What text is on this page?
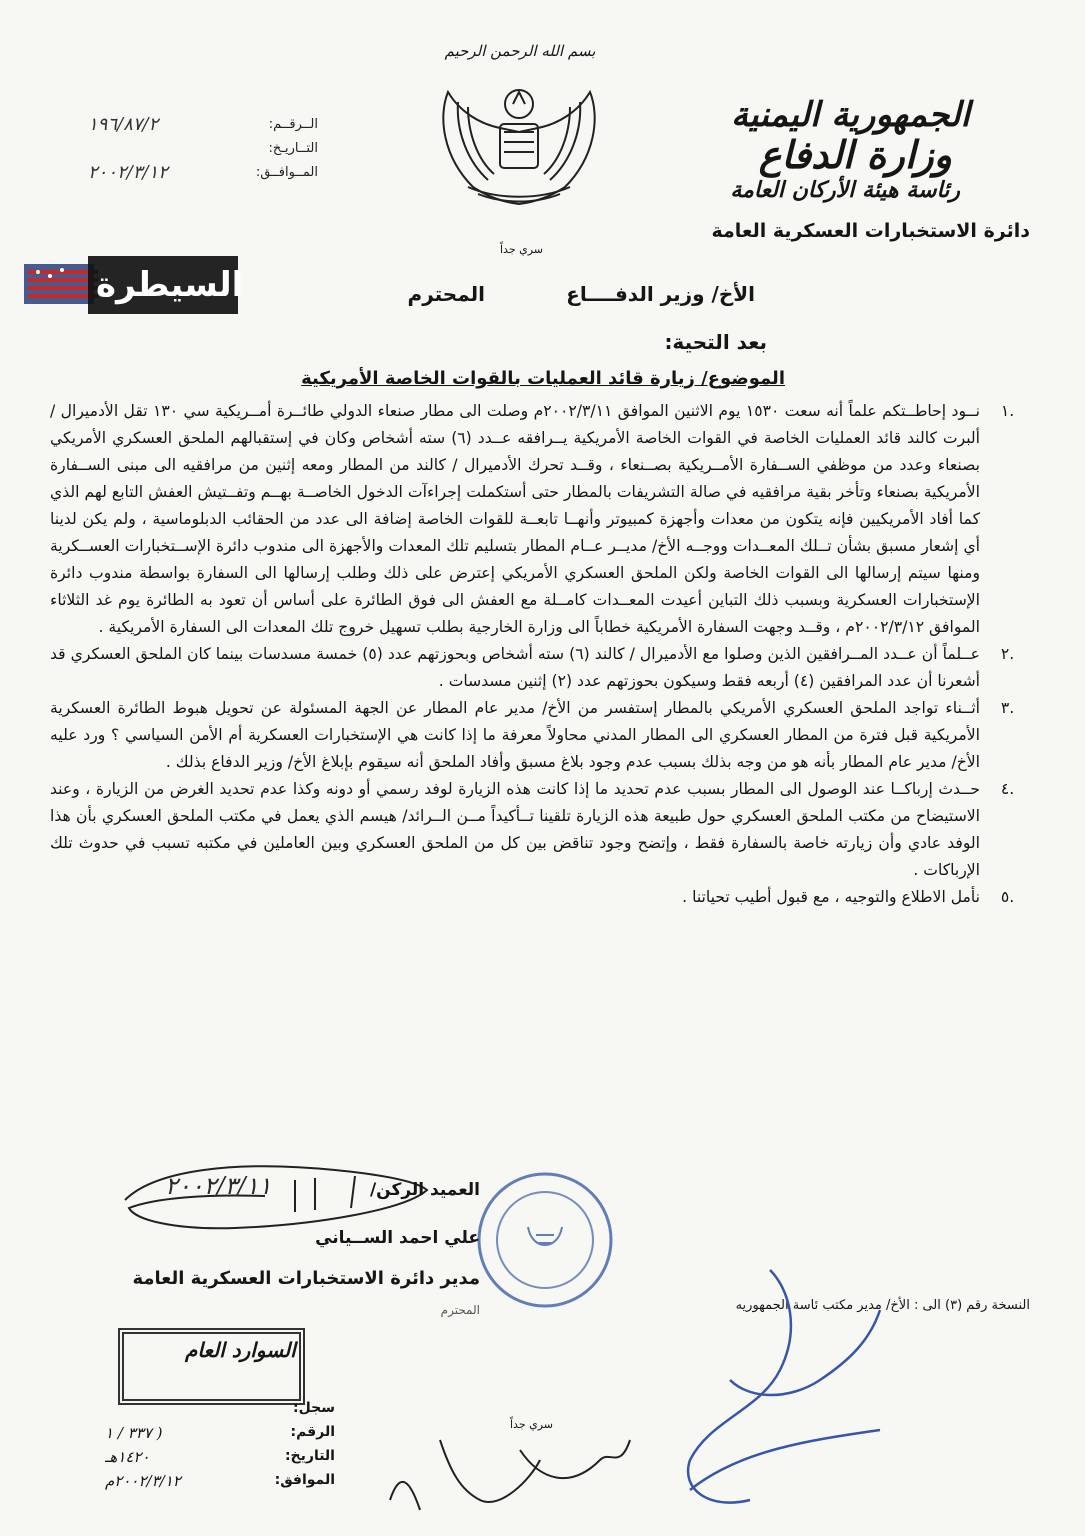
بسم الله الرحمن الرحيم
الجمهورية اليمنية
وزارة الدفاع
رئاسة هيئة الأركان العامة
دائرة الاستخبارات العسكرية العامة
الــرقــم:
١٩٦/٨٧/٢
التــاريـخ:
المــوافــق:
٢٠٠٢/٣/١٢
السيطرة
سري جداً
الأخ/ وزير الدفــــاع
المحترم
بعد التحية:
الموضوع/ زيارة قائد العمليات بالقوات الخاصة الأمريكية
.١
نــود إحاطــتكم علماً أنه سعت ١٥٣٠ يوم الاثنين الموافق ٢٠٠٢/٣/١١م وصلت الى مطار صنعاء الدولي طائــرة أمــريكية سي ١٣٠ تقل الأدميرال / ألبرت كالند قائد العمليات الخاصة في القوات الخاصة الأمريكية يــرافقه عــدد (٦) سته أشخاص وكان في إستقبالهم الملحق العسكري الأمريكي بصنعاء وعدد من موظفي الســفارة الأمــريكية بصــنعاء ، وقــد تحرك الأدميرال / كالند من المطار ومعه إثنين من مرافقيه الى مبنى الســفارة الأمريكية بصنعاء وتأخر بقية مرافقيه في صالة التشريفات بالمطار حتى أستكملت إجراءآت الدخول الخاصــة بهــم وتفــتيش العفش التابع لهم الذي كما أفاد الأمريكيين فإنه يتكون من معدات وأجهزة كمبيوتر وأنهــا تابعــة للقوات الخاصة إضافة الى عدد من الحقائب الدبلوماسية ، ولم يكن لدينا أي إشعار مسبق بشأن تــلك المعــدات ووجــه الأخ/ مديــر عــام المطار بتسليم تلك المعدات والأجهزة الى مندوب دائرة الإســتخبارات العســكرية ومنها سيتم إرسالها الى القوات الخاصة ولكن الملحق العسكري الأمريكي إعترض على ذلك وطلب إرسالها الى السفارة بواسطة مندوب دائرة الإستخبارات العسكرية وبسبب ذلك التباين أعيدت المعــدات كامــلة مع العفش الى فوق الطائرة على أساس أن تعود به الطائرة يوم غد الثلاثاء الموافق ٢٠٠٢/٣/١٢م ، وقــد وجهت السفارة الأمريكية خطاباً الى وزارة الخارجية بطلب تسهيل خروج تلك المعدات الى السفارة الأمريكية .
.٢
عــلماً أن عــدد المــرافقين الذين وصلوا مع الأدميرال / كالند (٦) سته أشخاص وبحوزتهم عدد (٥) خمسة مسدسات بينما كان الملحق العسكري قد أشعرنا أن عدد المرافقين (٤) أربعه فقط وسيكون بحوزتهم عدد (٢) إثنين مسدسات .
.٣
أثــناء تواجد الملحق العسكري الأمريكي بالمطار إستفسر من الأخ/ مدير عام المطار عن الجهة المسئولة عن تحويل هبوط الطائرة العسكرية الأمريكية قبل فترة من المطار العسكري الى المطار المدني محاولاً معرفة ما إذا كانت هي الإستخبارات العسكرية أم الأمن السياسي ؟ ورد عليه الأخ/ مدير عام المطار بأنه هو من وجه بذلك بسبب عدم وجود بلاغ مسبق وأفاد الملحق أنه سيقوم بإبلاغ الأخ/ وزير الدفاع بذلك .
.٤
حــدث إرباكــا عند الوصول الى المطار بسبب عدم تحديد ما إذا كانت هذه الزيارة لوفد رسمي أو دونه وكذا عدم تحديد الغرض من الزيارة ، وعند الاستيضاح من مكتب الملحق العسكري حول طبيعة هذه الزيارة تلقينا تــأكيداً مــن الــرائد/ هيسم الذي يعمل في مكتب الملحق العسكري بأن هذا الوفد عادي وأن زيارته خاصة بالسفارة فقط ، وإتضح وجود تناقض بين كل من الملحق العسكري وبين العاملين في مكتبه تسبب في حدوث تلك الإرباكات .
.٥
نأمل الاطلاع والتوجيه ، مع قبول أطيب تحياتنا .
٢٠٠٢/٣/١١	العميد الركن/
علي احمد الســياني
مدير دائرة الاستخبارات العسكرية العامة
المحترم	النسخة رقم (٣) الى : الأخ/ مدير مكتب ئاسة الجمهوريه
السوارد العام
سجل:
الرقم:
( ٣٣٧ / ١
التاريخ:
١٤٢٠هـ
الموافق:
٢٠٠٢/٣/١٢م
سري جداً
